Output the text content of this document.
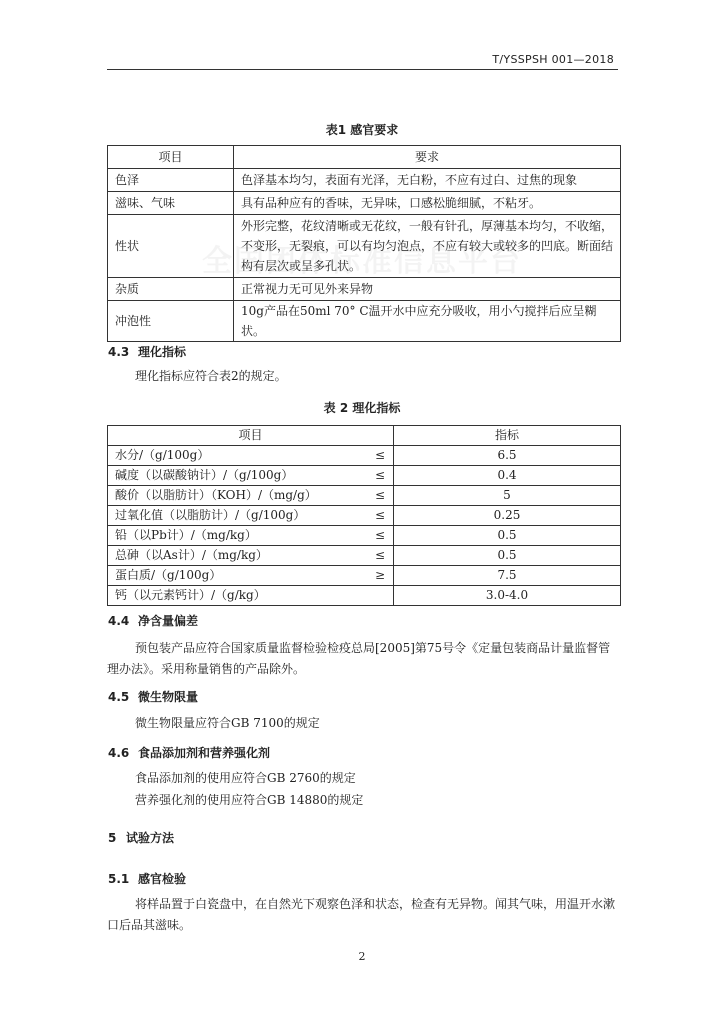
T/YSSPSH 001—2018
表1 感官要求
项目	要求
色泽	色泽基本均匀，表面有光泽，无白粉，不应有过白、过焦的现象
滋味、气味	具有品种应有的香味，无异味，口感松脆细腻，不粘牙。
性状	外形完整，花纹清晰或无花纹，一般有针孔，厚薄基本均匀，不收缩，不变形，无裂痕，可以有均匀泡点，不应有较大或较多的凹底。断面结构有层次或呈多孔状。
杂质	正常视力无可见外来异物
冲泡性	10g产品在50ml 70° C温开水中应充分吸收，用小勺搅拌后应呈糊状。
4.3 理化指标
理化指标应符合表2的规定。
表 2 理化指标
项目		指标
水分/（g/100g）	≤	6.5
碱度（以碳酸钠计）/（g/100g）	≤	0.4
酸价（以脂肪计）（KOH）/（mg/g）	≤	5
过氧化值（以脂肪计）/（g/100g）	≤	0.25
铅（以Pb计）/（mg/kg）	≤	0.5
总砷（以As计）/（mg/kg）	≤	0.5
蛋白质/（g/100g）	≥	7.5
钙（以元素钙计）/（g/kg）		3.0-4.0
4.4 净含量偏差
预包装产品应符合国家质量监督检验检疫总局[2005]第75号令《定量包装商品计量监督管理办法》。采用称量销售的产品除外。
4.5 微生物限量
微生物限量应符合GB 7100的规定
4.6 食品添加剂和营养强化剂
食品添加剂的使用应符合GB 2760的规定
营养强化剂的使用应符合GB 14880的规定
5 试验方法
5.1 感官检验
将样品置于白瓷盘中，在自然光下观察色泽和状态，检查有无异物。闻其气味，用温开水漱口后品其滋味。
2
